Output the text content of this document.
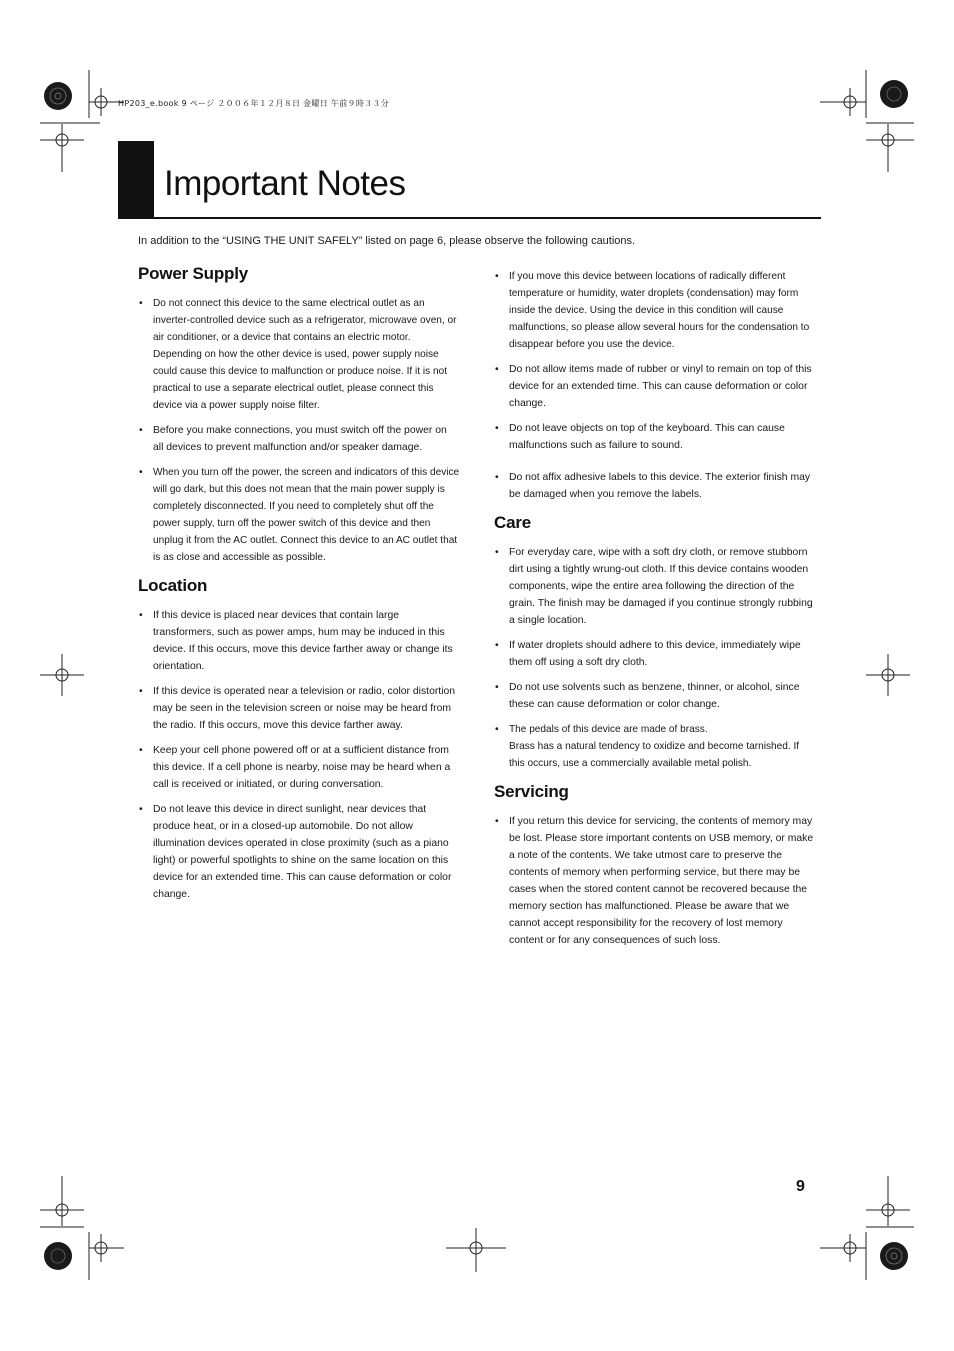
HP203_e.book 9 ページ ２００６年１２月８日 金曜日 午前９時３３分
Important Notes

In addition to the “USING THE UNIT SAFELY” listed on page 6, please observe the following cautions.

Power Supply
• Do not connect this device to the same electrical outlet as an inverter-controlled device such as a refrigerator, microwave oven, or air conditioner, or a device that contains an electric motor. Depending on how the other device is used, power supply noise could cause this device to malfunction or produce noise. If it is not practical to use a separate electrical outlet, please connect this device via a power supply noise filter.
• Before you make connections, you must switch off the power on all devices to prevent malfunction and/or speaker damage.
• When you turn off the power, the screen and indicators of this device will go dark, but this does not mean that the main power supply is completely disconnected. If you need to completely shut off the power supply, turn off the power switch of this device and then unplug it from the AC outlet. Connect this device to an AC outlet that is as close and accessible as possible.
Location
• If this device is placed near devices that contain large transformers, such as power amps, hum may be induced in this device. If this occurs, move this device farther away or change its orientation.
• If this device is operated near a television or radio, color distortion may be seen in the television screen or noise may be heard from the radio. If this occurs, move this device farther away.
• Keep your cell phone powered off or at a sufficient distance from this device. If a cell phone is nearby, noise may be heard when a call is received or initiated, or during conversation.
• Do not leave this device in direct sunlight, near devices that produce heat, or in a closed-up automobile. Do not allow illumination devices operated in close proximity (such as a piano light) or powerful spotlights to shine on the same location on this device for an extended time. This can cause deformation or color change.
• If you move this device between locations of radically different temperature or humidity, water droplets (condensation) may form inside the device. Using the device in this condition will cause malfunctions, so please allow several hours for the condensation to disappear before you use the device.
• Do not allow items made of rubber or vinyl to remain on top of this device for an extended time. This can cause deformation or color change.
• Do not leave objects on top of the keyboard. This can cause malfunctions such as failure to sound.
• Do not affix adhesive labels to this device. The exterior finish may be damaged when you remove the labels.
Care
• For everyday care, wipe with a soft dry cloth, or remove stubborn dirt using a tightly wrung-out cloth. If this device contains wooden components, wipe the entire area following the direction of the grain. The finish may be damaged if you continue strongly rubbing a single location.
• If water droplets should adhere to this device, immediately wipe them off using a soft dry cloth.
• Do not use solvents such as benzene, thinner, or alcohol, since these can cause deformation or color change.
• The pedals of this device are made of brass.
Brass has a natural tendency to oxidize and become tarnished. If this occurs, use a commercially available metal polish.
Servicing
• If you return this device for servicing, the contents of memory may be lost. Please store important contents on USB memory, or make a note of the contents. We take utmost care to preserve the contents of memory when performing service, but there may be cases when the stored content cannot be recovered because the memory section has malfunctioned. Please be aware that we cannot accept responsibility for the recovery of lost memory content or for any consequences of such loss.
9
